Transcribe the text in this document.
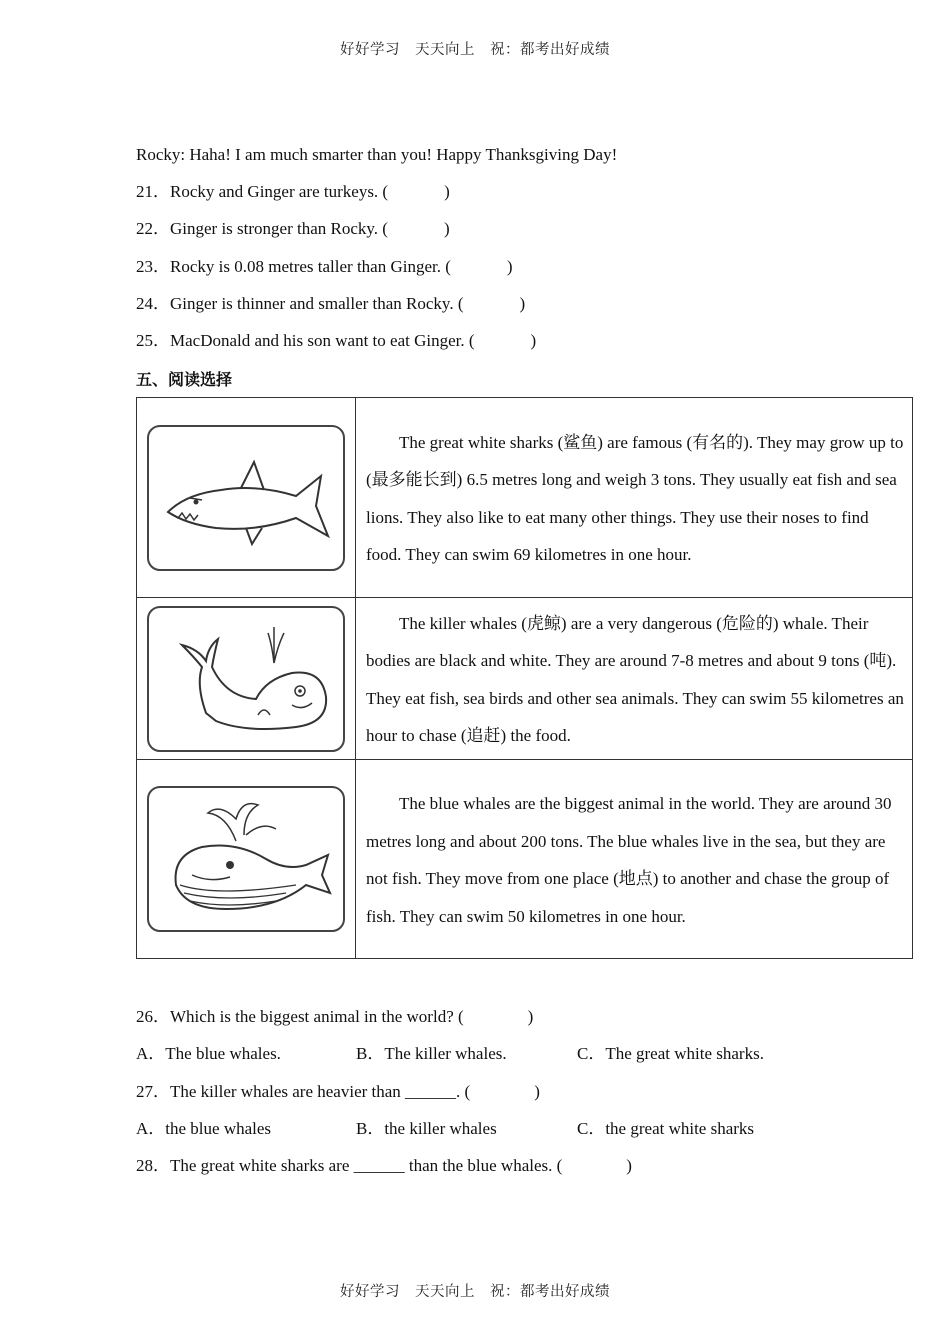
好好学习　天天向上　祝：都考出好成绩
Rocky: Haha! I am much smarter than you! Happy Thanksgiving Day!
21．Rocky and Ginger are turkeys. (	)
22．Ginger is stronger than Rocky. (	)
23．Rocky is 0.08 metres taller than Ginger. (	)
24．Ginger is thinner and smaller than Rocky. (	)
25．MacDonald and his son want to eat Ginger. (	)
五、阅读选择

The great white sharks (鲨鱼) are famous (有名的). They may grow up to (最多能长到) 6.5 metres long and weigh 3 tons. They usually eat fish and sea lions. They also like to eat many other things. They use their noses to find food. They can swim 69 kilometres in one hour.

The killer whales (虎鲸) are a very dangerous (危险的) whale. Their bodies are black and white. They are around 7-8 metres and about 9 tons (吨). They eat fish, sea birds and other sea animals. They can swim 55 kilometres an hour to chase (追赶) the food.

The blue whales are the biggest animal in the world. They are around 30 metres long and about 200 tons. The blue whales live in the sea, but they are not fish. They move from one place (地点) to another and chase the group of fish. They can swim 50 kilometres in one hour.

26．Which is the biggest animal in the world? (	)
A．The blue whales.	B．The killer whales.	C．The great white sharks.
27．The killer whales are heavier than ______. (	)
A．the blue whales	B．the killer whales	C．the great white sharks
28．The great white sharks are ______ than the blue whales. (	)
好好学习　天天向上　祝：都考出好成绩
